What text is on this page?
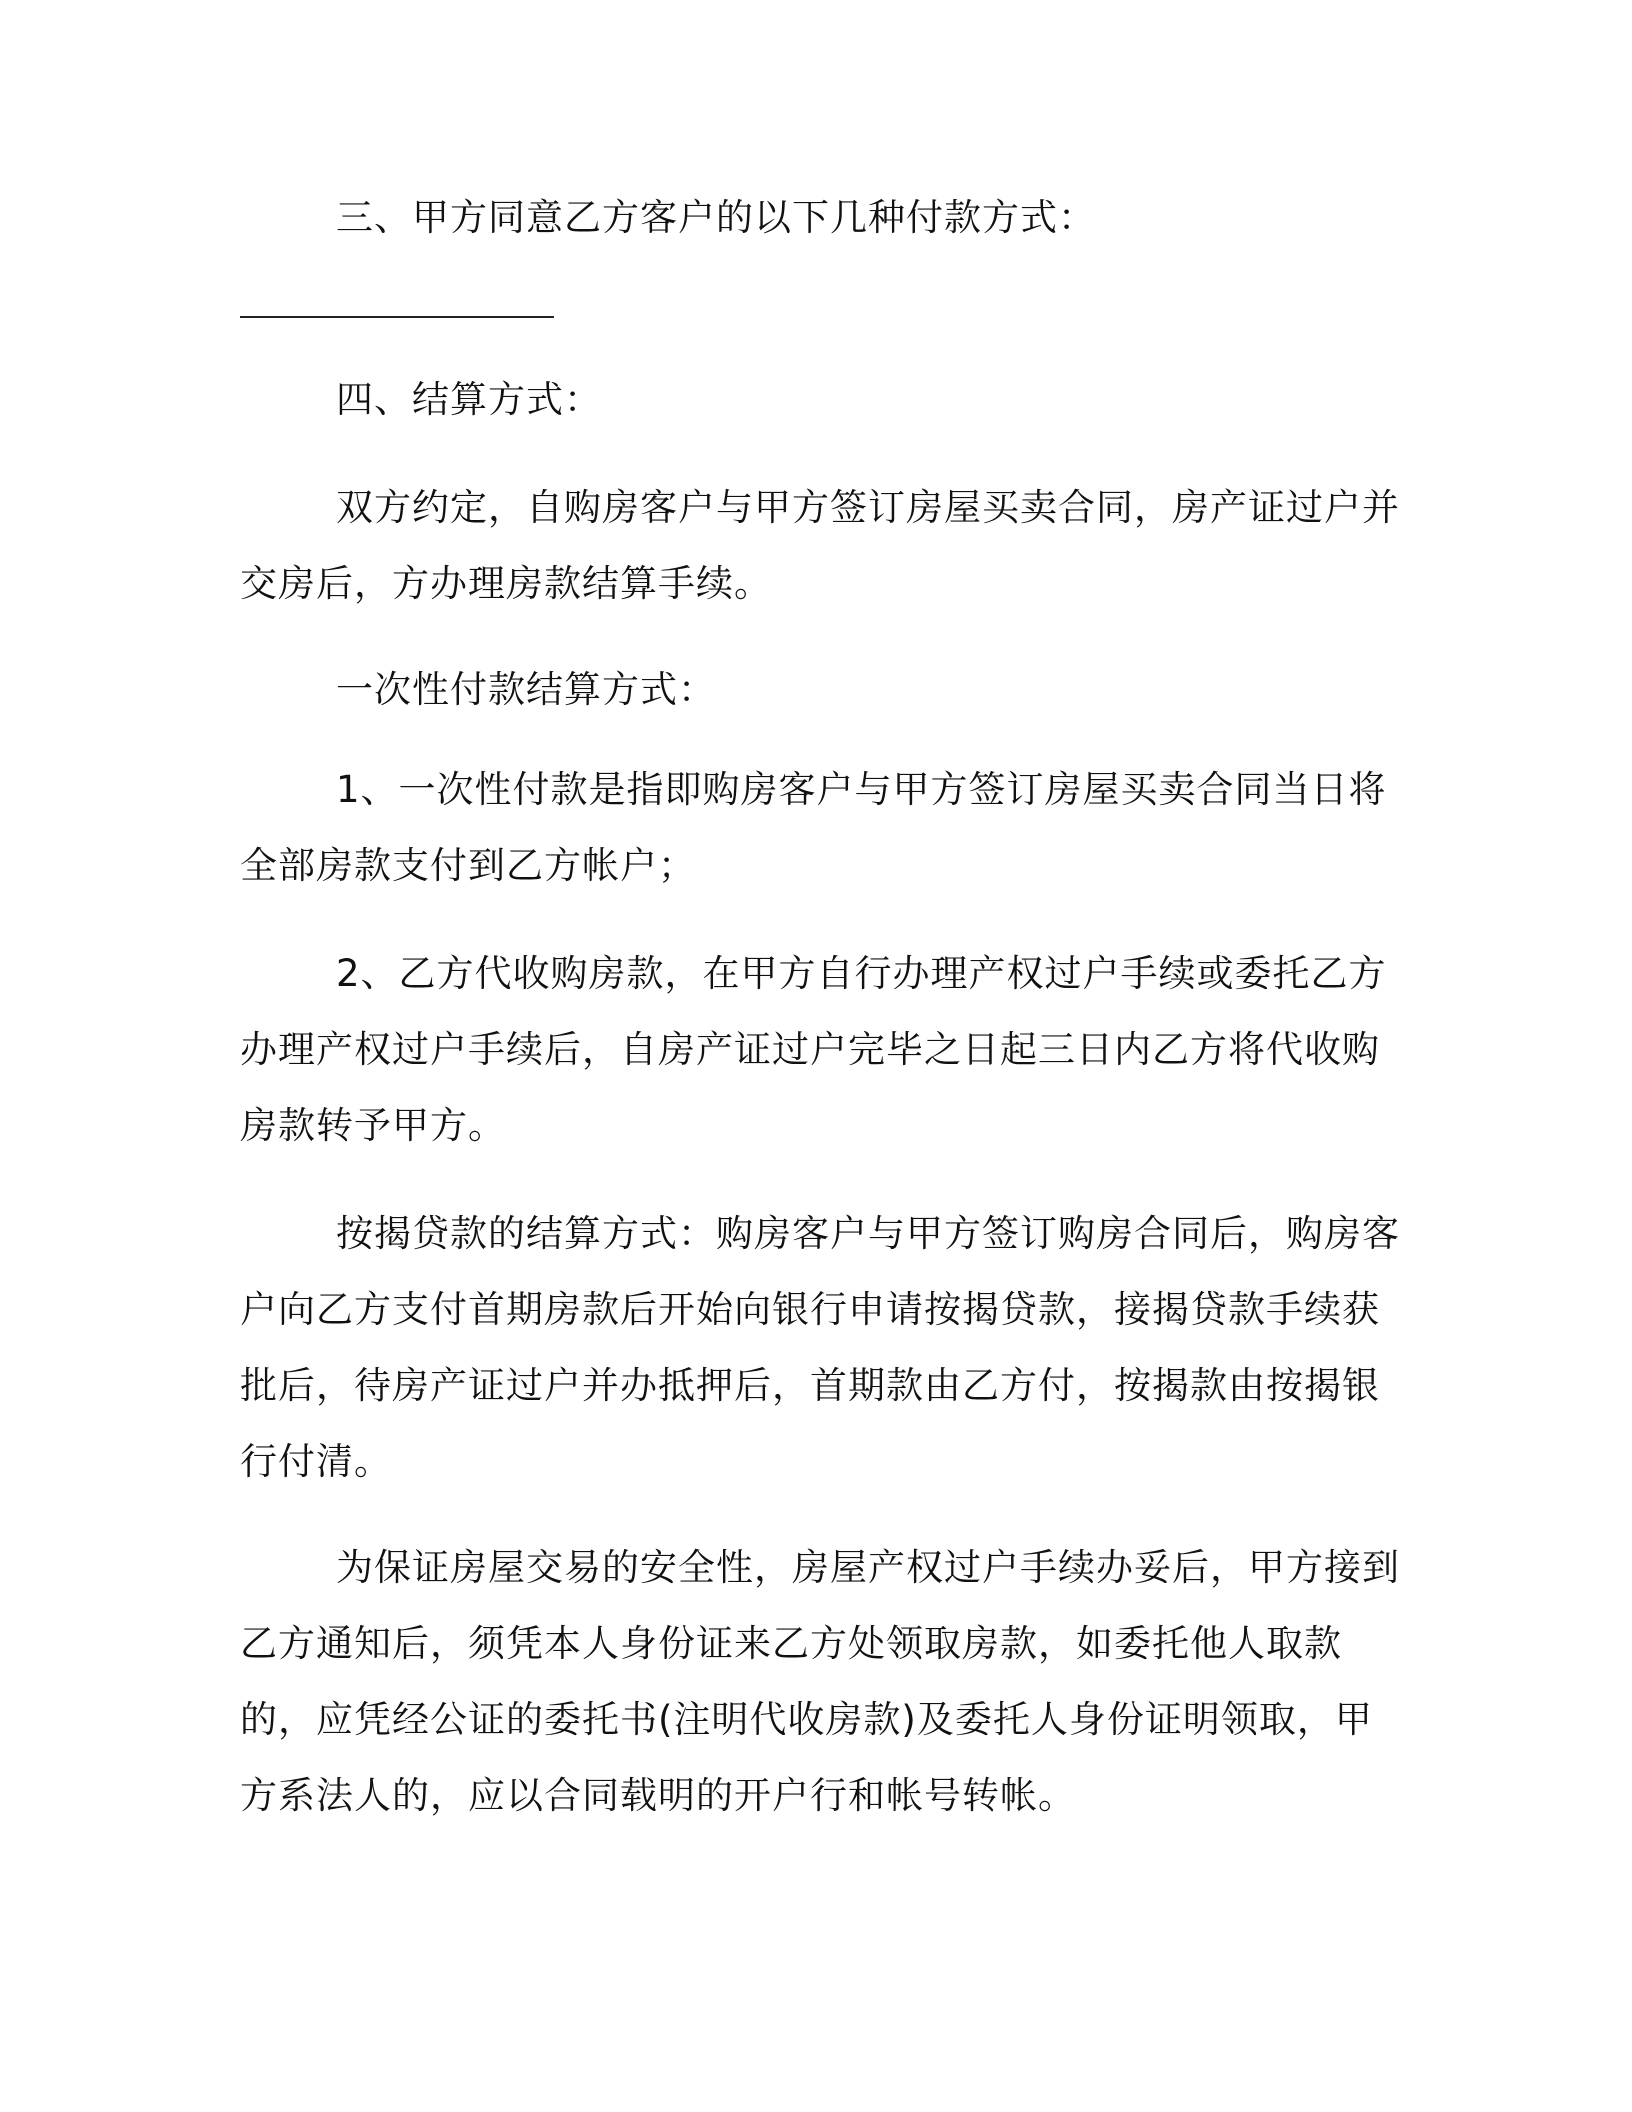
三、甲方同意乙方客户的以下几种付款方式：

四、结算方式：

双方约定，自购房客户与甲方签订房屋买卖合同，房产证过户并交房后，方办理房款结算手续。

一次性付款结算方式：

1、一次性付款是指即购房客户与甲方签订房屋买卖合同当日将全部房款支付到乙方帐户；

2、乙方代收购房款，在甲方自行办理产权过户手续或委托乙方办理产权过户手续后，自房产证过户完毕之日起三日内乙方将代收购房款转予甲方。

按揭贷款的结算方式：购房客户与甲方签订购房合同后，购房客户向乙方支付首期房款后开始向银行申请按揭贷款，接揭贷款手续获批后，待房产证过户并办抵押后，首期款由乙方付，按揭款由按揭银行付清。

为保证房屋交易的安全性，房屋产权过户手续办妥后，甲方接到乙方通知后，须凭本人身份证来乙方处领取房款，如委托他人取款的，应凭经公证的委托书(注明代收房款)及委托人身份证明领取，甲方系法人的，应以合同载明的开户行和帐号转帐。
